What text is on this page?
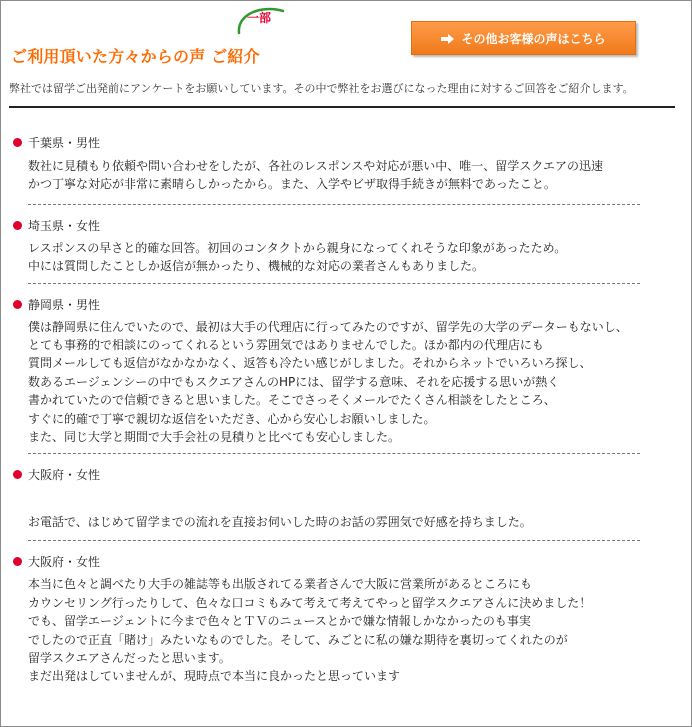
一部
ご利用頂いた方々からの声 ご紹介
その他お客様の声はこちら
弊社では留学ご出発前にアンケートをお願いしています。その中で弊社をお選びになった理由に対するご回答をご紹介します。
千葉県・男性
数社に見積もり依頼や問い合わせをしたが、各社のレスポンスや対応が悪い中、唯一、留学スクエアの迅速
かつ丁寧な対応が非常に素晴らしかったから。また、入学やビザ取得手続きが無料であったこと。
埼玉県・女性
レスポンスの早さと的確な回答。初回のコンタクトから親身になってくれそうな印象があったため。
中には質問したことしか返信が無かったり、機械的な対応の業者さんもありました。
静岡県・男性
僕は静岡県に住んでいたので、最初は大手の代理店に行ってみたのですが、留学先の大学のデーターもないし、
とても事務的で相談にのってくれるという雰囲気ではありませんでした。ほか都内の代理店にも
質問メールしても返信がなかなかなく、返答も冷たい感じがしました。それからネットでいろいろ探し、
数あるエージェンシーの中でもスクエアさんのHPには、留学する意味、それを応援する思いが熱く
書かれていたので信頼できると思いました。そこでさっそくメールでたくさん相談をしたところ、
すぐに的確で丁寧で親切な返信をいただき、心から安心しお願いしました。
また、同じ大学と期間で大手会社の見積りと比べても安心しました。
大阪府・女性

お電話で、はじめて留学までの流れを直接お伺いした時のお話の雰囲気で好感を持ちました。
大阪府・女性
本当に色々と調べたり大手の雑誌等も出版されてる業者さんで大阪に営業所があるところにも
カウンセリング行ったりして、色々な口コミもみて考えて考えてやっと留学スクエアさんに決めました！
でも、留学エージェントに今まで色々とＴＶのニュースとかで嫌な情報しかなかったのも事実
でしたので正直「賭け」みたいなものでした。そして、みごとに私の嫌な期待を裏切ってくれたのが
留学スクエアさんだったと思います。
まだ出発はしていませんが、現時点で本当に良かったと思っています
